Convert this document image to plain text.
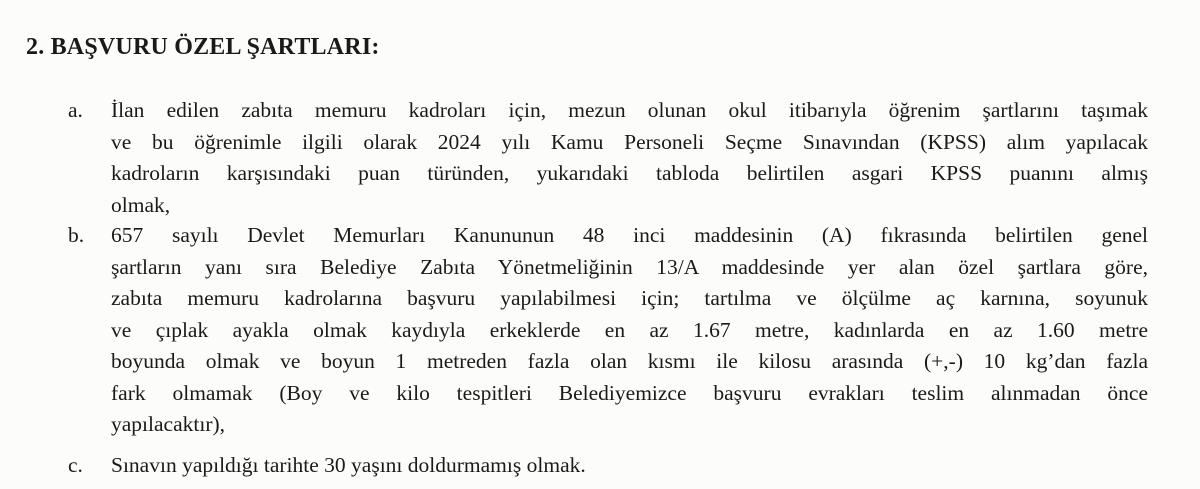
2. BAŞVURU ÖZEL ŞARTLARI:
a. İlan edilen zabıta memuru kadroları için, mezun olunan okul itibarıyla öğrenim şartlarını taşımak
ve bu öğrenimle ilgili olarak 2024 yılı Kamu Personeli Seçme Sınavından (KPSS) alım yapılacak
kadroların karşısındaki puan türünden, yukarıdaki tabloda belirtilen asgari KPSS puanını almış
olmak,
b. 657 sayılı Devlet Memurları Kanununun 48 inci maddesinin (A) fıkrasında belirtilen genel
şartların yanı sıra Belediye Zabıta Yönetmeliğinin 13/A maddesinde yer alan özel şartlara göre,
zabıta memuru kadrolarına başvuru yapılabilmesi için; tartılma ve ölçülme aç karnına, soyunuk
ve çıplak ayakla olmak kaydıyla erkeklerde en az 1.67 metre, kadınlarda en az 1.60 metre
boyunda olmak ve boyun 1 metreden fazla olan kısmı ile kilosu arasında (+,-) 10 kg’dan fazla
fark olmamak (Boy ve kilo tespitleri Belediyemizce başvuru evrakları teslim alınmadan önce
yapılacaktır),
c. Sınavın yapıldığı tarihte 30 yaşını doldurmamış olmak.
